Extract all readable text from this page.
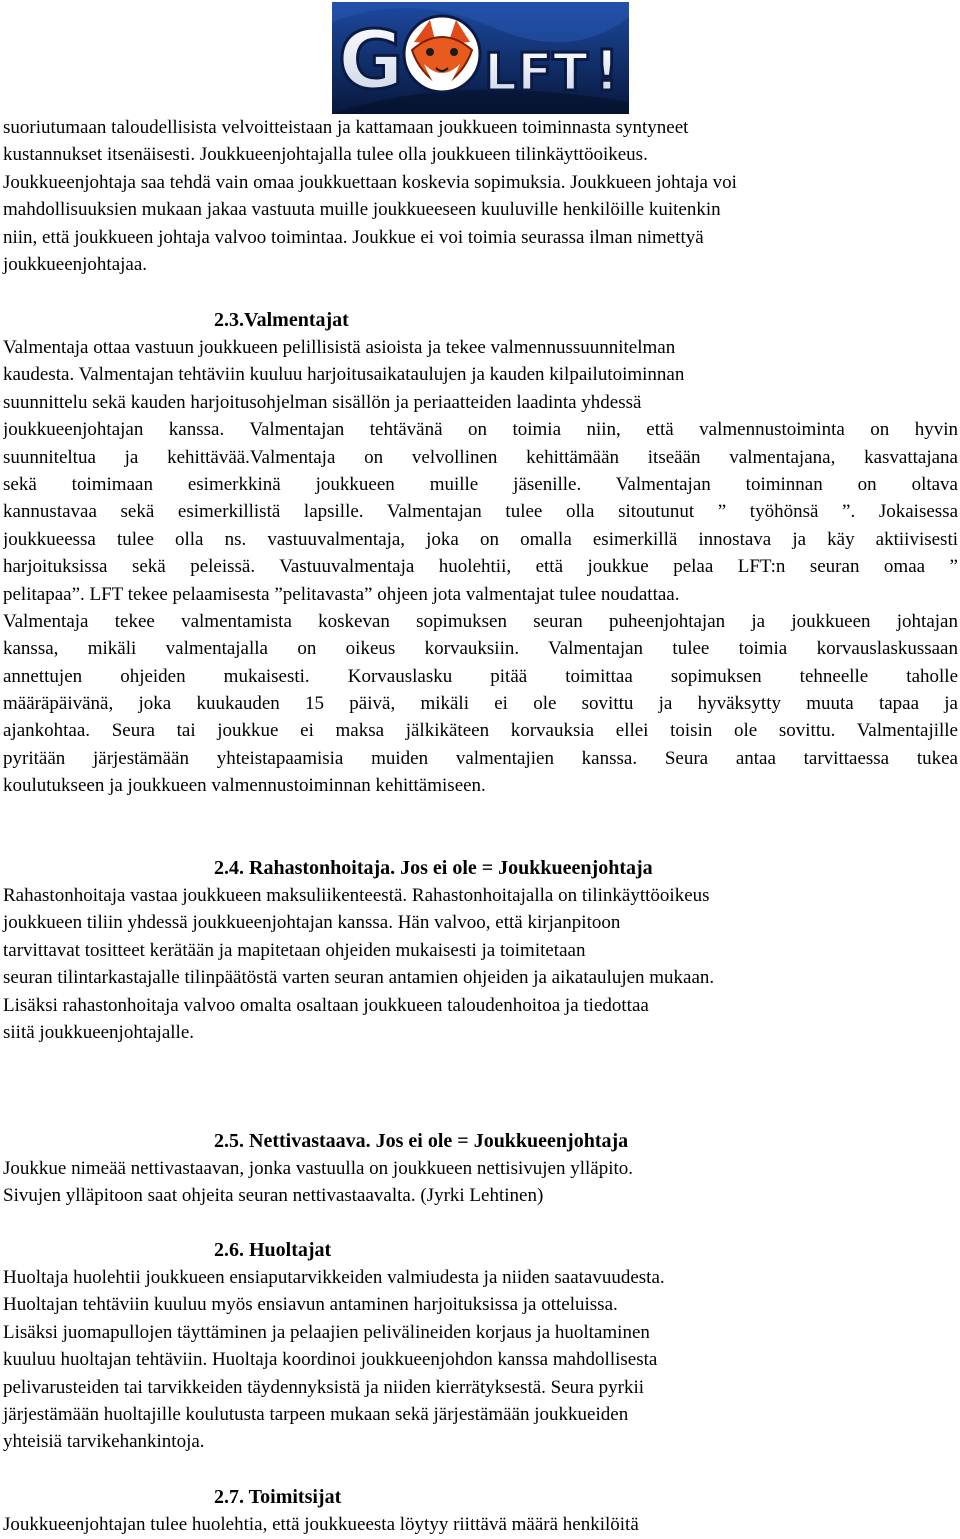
G LFT !
suoriutumaan taloudellisista velvoitteistaan ja kattamaan joukkueen toiminnasta syntyneet
kustannukset itsenäisesti. Joukkueenjohtajalla tulee olla joukkueen tilinkäyttöoikeus.
Joukkueenjohtaja saa tehdä vain omaa joukkuettaan koskevia sopimuksia. Joukkueen johtaja voi
mahdollisuuksien mukaan jakaa vastuuta muille joukkueeseen kuuluville henkilöille kuitenkin
niin, että joukkueen johtaja valvoo toimintaa. Joukkue ei voi toimia seurassa ilman nimettyä
joukkueenjohtajaa.
2.3.Valmentajat
Valmentaja ottaa vastuun joukkueen pelillisistä asioista ja tekee valmennussuunnitelman
kaudesta. Valmentajan tehtäviin kuuluu harjoitusaikataulujen ja kauden kilpailutoiminnan
suunnittelu sekä kauden harjoitusohjelman sisällön ja periaatteiden laadinta yhdessä
joukkueenjohtajan kanssa. Valmentajan tehtävänä on toimia niin, että valmennustoiminta on hyvin
suunniteltua ja kehittävää.Valmentaja on velvollinen kehittämään itseään valmentajana, kasvattajana
sekä toimimaan esimerkkinä joukkueen muille jäsenille. Valmentajan toiminnan on oltava
kannustavaa sekä esimerkillistä lapsille. Valmentajan tulee olla sitoutunut ” työhönsä ”. Jokaisessa
joukkueessa tulee olla ns. vastuuvalmentaja, joka on omalla esimerkillä innostava ja käy aktiivisesti
harjoituksissa sekä peleissä. Vastuuvalmentaja huolehtii, että joukkue pelaa LFT:n seuran omaa ”
pelitapaa”. LFT tekee pelaamisesta ”pelitavasta” ohjeen jota valmentajat tulee noudattaa.
Valmentaja tekee valmentamista koskevan sopimuksen seuran puheenjohtajan ja joukkueen johtajan
kanssa, mikäli valmentajalla on oikeus korvauksiin. Valmentajan tulee toimia korvauslaskussaan
annettujen ohjeiden mukaisesti. Korvauslasku pitää toimittaa sopimuksen tehneelle taholle
määräpäivänä, joka kuukauden 15 päivä, mikäli ei ole sovittu ja hyväksytty muuta tapaa ja
ajankohtaa. Seura tai joukkue ei maksa jälkikäteen korvauksia ellei toisin ole sovittu. Valmentajille
pyritään järjestämään yhteistapaamisia muiden valmentajien kanssa. Seura antaa tarvittaessa tukea
koulutukseen ja joukkueen valmennustoiminnan kehittämiseen.
2.4. Rahastonhoitaja. Jos ei ole = Joukkueenjohtaja
Rahastonhoitaja vastaa joukkueen maksuliikenteestä. Rahastonhoitajalla on tilinkäyttöoikeus
joukkueen tiliin yhdessä joukkueenjohtajan kanssa. Hän valvoo, että kirjanpitoon
tarvittavat tositteet kerätään ja mapitetaan ohjeiden mukaisesti ja toimitetaan
seuran tilintarkastajalle tilinpäätöstä varten seuran antamien ohjeiden ja aikataulujen mukaan.
Lisäksi rahastonhoitaja valvoo omalta osaltaan joukkueen taloudenhoitoa ja tiedottaa
siitä joukkueenjohtajalle.
2.5. Nettivastaava. Jos ei ole = Joukkueenjohtaja
Joukkue nimeää nettivastaavan, jonka vastuulla on joukkueen nettisivujen ylläpito.
Sivujen ylläpitoon saat ohjeita seuran nettivastaavalta. (Jyrki Lehtinen)
2.6. Huoltajat
Huoltaja huolehtii joukkueen ensiaputarvikkeiden valmiudesta ja niiden saatavuudesta.
Huoltajan tehtäviin kuuluu myös ensiavun antaminen harjoituksissa ja otteluissa.
Lisäksi juomapullojen täyttäminen ja pelaajien pelivälineiden korjaus ja huoltaminen
kuuluu huoltajan tehtäviin. Huoltaja koordinoi joukkueenjohdon kanssa mahdollisesta
pelivarusteiden tai tarvikkeiden täydennyksistä ja niiden kierrätyksestä. Seura pyrkii
järjestämään huoltajille koulutusta tarpeen mukaan sekä järjestämään joukkueiden
yhteisiä tarvikehankintoja.
2.7. Toimitsijat
Joukkueenjohtajan tulee huolehtia, että joukkueesta löytyy riittävä määrä henkilöitä
